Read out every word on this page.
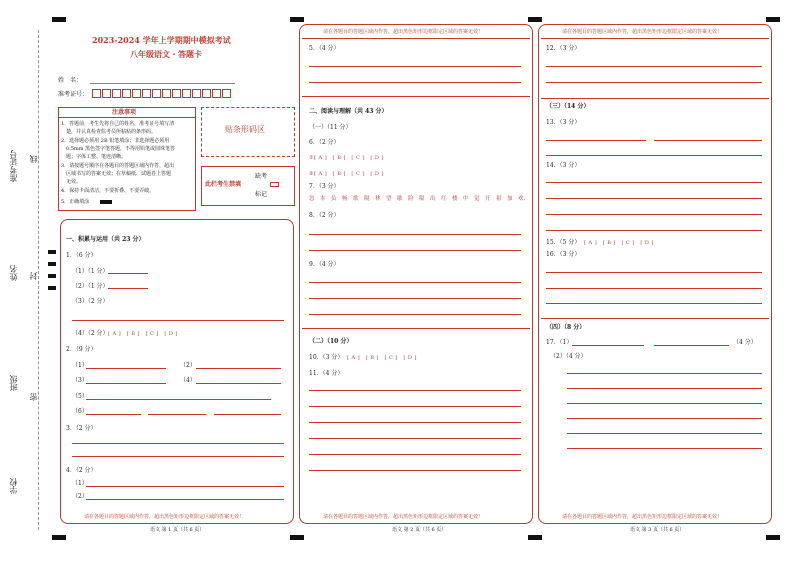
准考证号 线
姓名 封
班级
密
学校
2023-2024 学年上学期期中模拟考试
八年级语文・答题卡
姓　名：
准考证号：
注意事项
1．答题前，考生先将自己的姓名，准考证号填写清
　楚，并认真检查监考员所粘贴的条形码。
2．选择题必须用 2B 铅笔填涂；非选择题必须用
　0.5mm 黑色签字笔答题，不得用铅笔或圆珠笔答
　题；字体工整、笔迹清晰。
3．请按题号顺序在各题目的答题区域内作答，超出
　区域书写的答案无效；在草稿纸、试题卷上答题
　无效。
4．保持卡面清洁，不要折叠、不要弄破。
5．正确填涂
贴条形码区
此栏考生禁填
缺考
标记
一、积累与运用（共 23 分）
1．（6 分）
（1）（1 分）
（2）（1 分）
（3）（2 分）
（4）（2 分） [ A ]　[ B ]　[ C ]　[ D ]
2．（9 分）
（1）	（2）
（3）	（4）
（5）
（6）
3．（2 分）
4．（2 分）
（1）
（2）
请在各题目的答题区域内作答，超出黑色矩形边框限定区域的答案无效！
语文 第 1 页（共 6 页）
请在各题目的答题区域内作答，超出黑色矩形边框限定区域的答案无效！
5．（4 分）
二、阅读与理解（共 43 分）
（一）（11 分）
6．（2 分）
①[ A ]　[ B ]　[ C ]　[ D ]
②[ A ]　[ B ]　[ C ]　[ D ]
7．（3 分）
忽　本　负　畅　歌　隔　林　望　歇　险　隘　出　红　楼　中　觉　开　祖　加　欢．
8．（2 分）
9．（4 分）
（二）（10 分）
10．（3 分） [ A ]　[ B ]　[ C ]　[ D ]
11．（4 分）
请在各题目的答题区域内作答，超出黑色矩形边框限定区域的答案无效！
语文 第 2 页（共 6 页）
请在各题目的答题区域内作答，超出黑色矩形边框限定区域的答案无效！
12．（3 分）
（三）（14 分）
13．（3 分）
14．（3 分）
15．（5 分） [ A ]　[ B ]　[ C ]　[ D ]
16．（3 分）
（四）（8 分）
17．（1）	（4 分）
（2）（4 分）
请在各题目的答题区域内作答，超出黑色矩形边框限定区域的答案无效！
语文 第 3 页（共 6 页）
